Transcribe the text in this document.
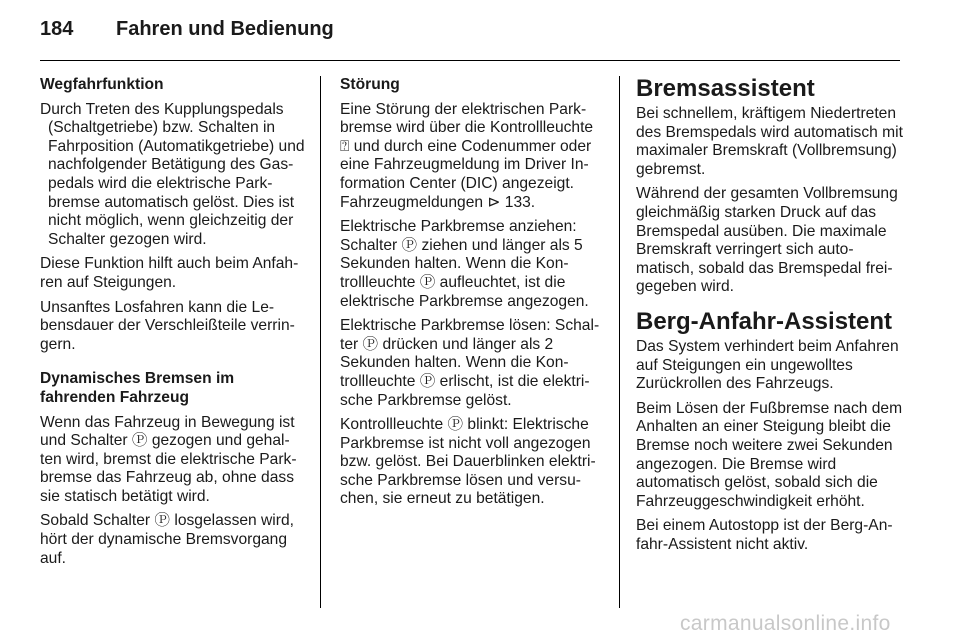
184 Fahren und Bedienung

Wegfahrfunktion

Durch Treten des Kupplungspedals (Schaltgetriebe) bzw. Schalten in Fahrposition (Automatikgetriebe) und nachfolgender Betätigung des Gaspedals wird die elektrische Parkbremse automatisch gelöst. Dies ist nicht möglich, wenn gleichzeitig der Schalter gezogen wird.

Diese Funktion hilft auch beim Anfahren auf Steigungen.

Unsanftes Losfahren kann die Lebensdauer der Verschleißteile verringern.

Dynamisches Bremsen im fahrenden Fahrzeug

Wenn das Fahrzeug in Bewegung ist und Schalter Ⓟ gezogen und gehalten wird, bremst die elektrische Parkbremse das Fahrzeug ab, ohne dass sie statisch betätigt wird.

Sobald Schalter Ⓟ losgelassen wird, hört der dynamische Bremsvorgang auf.

Störung

Eine Störung der elektrischen Parkbremse wird über die Kontrollleuchte ⍰ und durch eine Codenummer oder eine Fahrzeugmeldung im Driver Information Center (DIC) angezeigt. Fahrzeugmeldungen ⊳ 133.

Elektrische Parkbremse anziehen: Schalter Ⓟ ziehen und länger als 5 Sekunden halten. Wenn die Kontrollleuchte Ⓟ aufleuchtet, ist die elektrische Parkbremse angezogen.

Elektrische Parkbremse lösen: Schalter Ⓟ drücken und länger als 2 Sekunden halten. Wenn die Kontrollleuchte Ⓟ erlischt, ist die elektrische Parkbremse gelöst.

Kontrollleuchte Ⓟ blinkt: Elektrische Parkbremse ist nicht voll angezogen bzw. gelöst. Bei Dauerblinken elektrische Parkbremse lösen und versuchen, sie erneut zu betätigen.

Bremsassistent

Bei schnellem, kräftigem Niedertreten des Bremspedals wird automatisch mit maximaler Bremskraft (Vollbremsung) gebremst.

Während der gesamten Vollbremsung gleichmäßig starken Druck auf das Bremspedal ausüben. Die maximale Bremskraft verringert sich automatisch, sobald das Bremspedal freigegeben wird.

Berg-Anfahr-Assistent

Das System verhindert beim Anfahren auf Steigungen ein ungewolltes Zurückrollen des Fahrzeugs.

Beim Lösen der Fußbremse nach dem Anhalten an einer Steigung bleibt die Bremse noch weitere zwei Sekunden angezogen. Die Bremse wird automatisch gelöst, sobald sich die Fahrzeuggeschwindigkeit erhöht.

Bei einem Autostopp ist der Berg-Anfahr-Assistent nicht aktiv.

carmanualsonline.info
